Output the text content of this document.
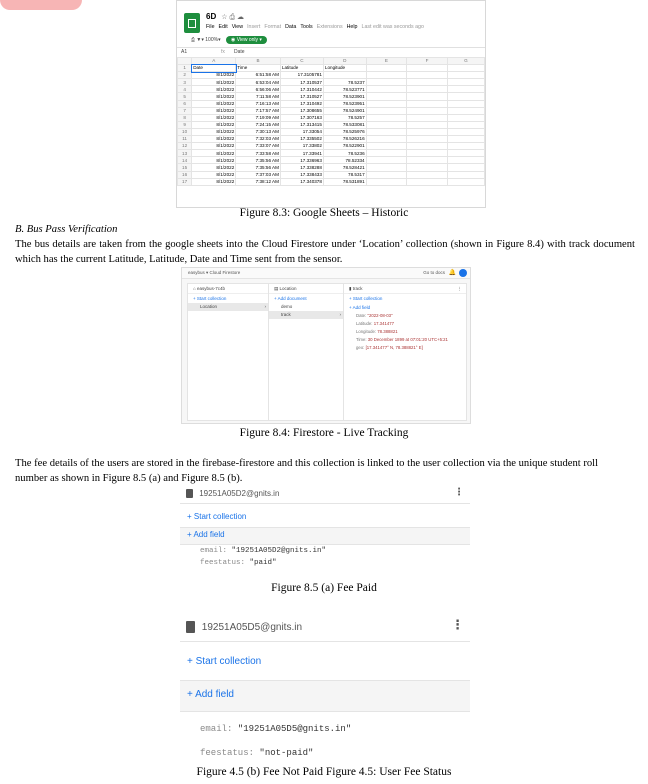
6D ☆ ⎙ ☁
File Edit View Insert Format Data Tools Extensions Help Last edit was seconds ago
⎙ ▼▾ 100%▾ ◉ View only ▾
A1	fx Date
	A	B	C	D	E	F	G
1	Date	Time	Latitude	Longitude			
2	8/1/2022	6:51:58 AM	17.3105781				
3	8/1/2022	6:53:04 AM	17.310537	78.5237			
4	8/1/2022	6:56:06 AM	17.310442	78.523771			
5	8/1/2022	7:11:58 AM	17.310527	78.523901			
6	8/1/2022	7:16:13 AM	17.310492	78.523951			
7	8/1/2022	7:17:57 AM	17.308655	78.524901			
8	8/1/2022	7:19:09 AM	17.307163	78.5257			
9	8/1/2022	7:24:15 AM	17.313415	78.533081			
10	8/1/2022	7:30:13 AM	17.33054	78.525976			
11	8/1/2022	7:32:03 AM	17.335502	78.526216			
12	8/1/2022	7:33:07 AM	17.33802	78.522901			
13	8/1/2022	7:33:58 AM	17.33941	78.5236			
14	8/1/2022	7:35:56 AM	17.336963	78.52334			
15	8/1/2022	7:35:56 AM	17.338288	78.528421			
16	8/1/2022	7:37:03 AM	17.338433	78.5317			
17	8/1/2022	7:38:12 AM	17.340378	78.531891			
Figure 8.3: Google Sheets – Historic
B. Bus Pass Verification
The bus details are taken from the google sheets into the Cloud Firestore under ‘Location’ collection (shown in Figure 8.4) with track document which has the current Latitude, Latitude, Date and Time sent from the sensor.
easybus ▾ Cloud Firestore	Go to docs 🔔
⌂ easybus-7c4b
+ Start collection
Location	›
▤ Location
+ Add document
demo
track	›
▮ track	⋮
+ Start collection
+ Add field
Date: "2022-08-03"
Latitude: 17.341477
Longitude: 78.388821
Time: 30 December 1899 at 07:01:20 UTC+5:21
geo: [17.341477° N, 78.388821° E]
Figure 8.4: Firestore - Live Tracking
The fee details of the users are stored in the firebase-firestore and this collection is linked to the user collection via the unique student roll number as shown in Figure 8.5 (a) and Figure 8.5 (b).
19251A05D2@gnits.in	⋮
+ Start collection
+ Add field
email: "19251A05D2@gnits.in"
feestatus: "paid"
Figure 8.5 (a) Fee Paid
19251A05D5@gnits.in	⋮
+ Start collection
+ Add field
email: "19251A05D5@gnits.in"
feestatus: "not-paid"
Figure 4.5 (b) Fee Not Paid Figure 4.5: User Fee Status
